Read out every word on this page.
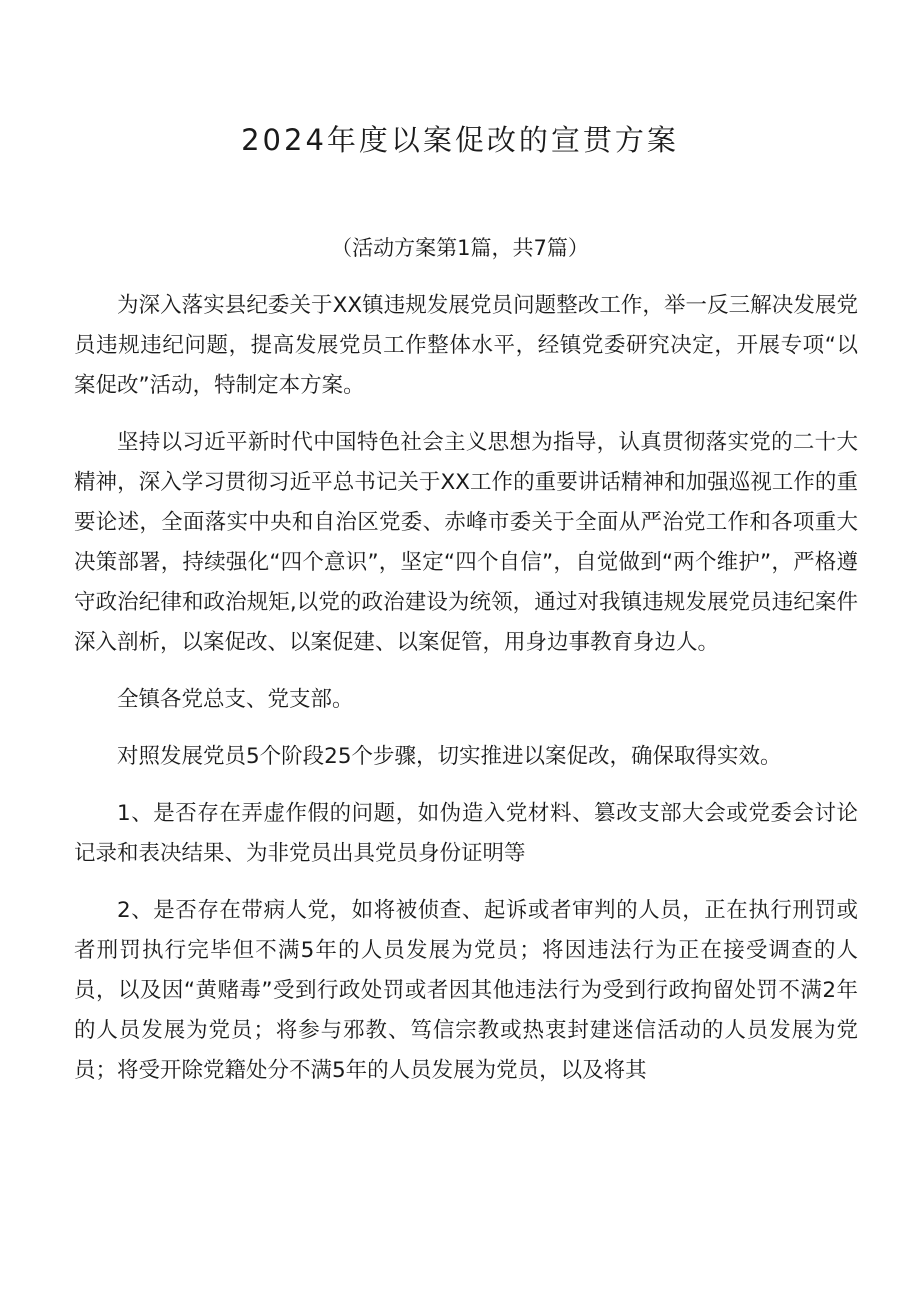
2024年度以案促改的宣贯方案

（活动方案第1篇，共7篇）

为深入落实县纪委关于XX镇违规发展党员问题整改工作，举一反三解决发展党员违规违纪问题，提高发展党员工作整体水平，经镇党委研究决定，开展专项“以案促改”活动，特制定本方案。

坚持以习近平新时代中国特色社会主义思想为指导，认真贯彻落实党的二十大精神，深入学习贯彻习近平总书记关于XX工作的重要讲话精神和加强巡视工作的重要论述，全面落实中央和自治区党委、赤峰市委关于全面从严治党工作和各项重大决策部署，持续强化“四个意识”，坚定“四个自信”，自觉做到“两个维护”，严格遵守政治纪律和政治规矩,以党的政治建设为统领，通过对我镇违规发展党员违纪案件深入剖析，以案促改、以案促建、以案促管，用身边事教育身边人。

全镇各党总支、党支部。

对照发展党员5个阶段25个步骤，切实推进以案促改，确保取得实效。

1、是否存在弄虚作假的问题，如伪造入党材料、篡改支部大会或党委会讨论记录和表决结果、为非党员出具党员身份证明等

2、是否存在带病人党，如将被侦查、起诉或者审判的人员，正在执行刑罚或者刑罚执行完毕但不满5年的人员发展为党员；将因违法行为正在接受调查的人员，以及因“黄赌毒”受到行政处罚或者因其他违法行为受到行政拘留处罚不满2年的人员发展为党员；将参与邪教、笃信宗教或热衷封建迷信活动的人员发展为党员；将受开除党籍处分不满5年的人员发展为党员，以及将其
